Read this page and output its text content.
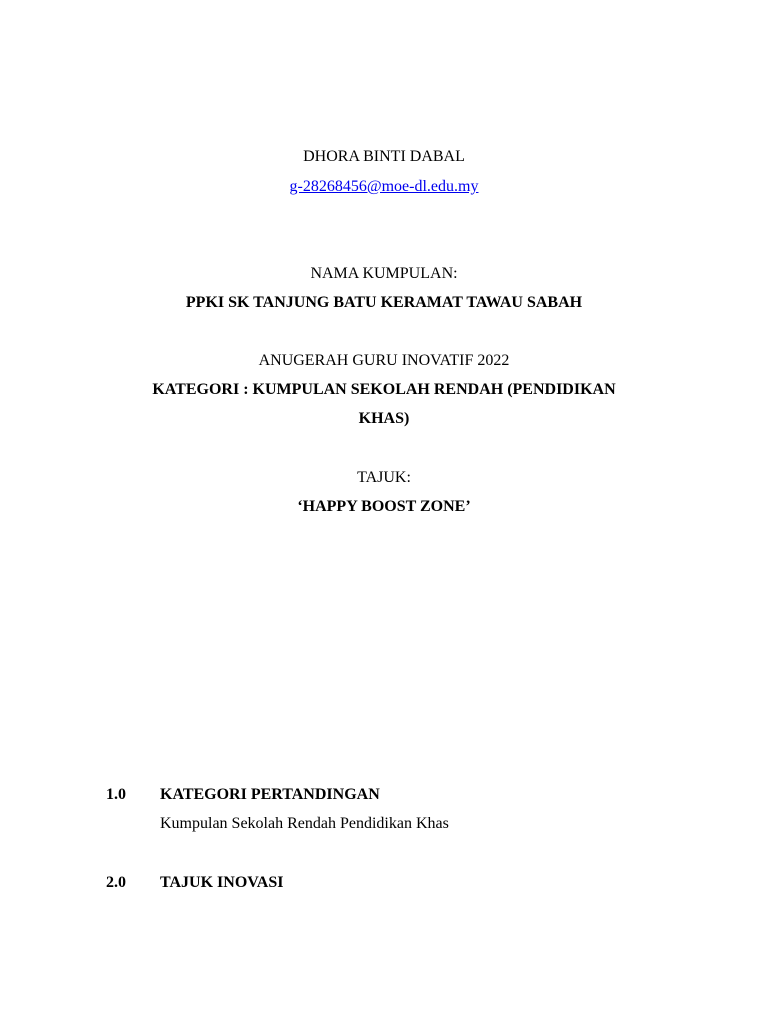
DHORA BINTI DABAL
g-28268456@moe-dl.edu.my
NAMA KUMPULAN:
PPKI SK TANJUNG BATU KERAMAT TAWAU SABAH
ANUGERAH GURU INOVATIF 2022
KATEGORI : KUMPULAN SEKOLAH RENDAH (PENDIDIKAN
KHAS)
TAJUK:
‘HAPPY BOOST ZONE’
1.0 KATEGORI PERTANDINGAN
Kumpulan Sekolah Rendah Pendidikan Khas
2.0 TAJUK INOVASI
